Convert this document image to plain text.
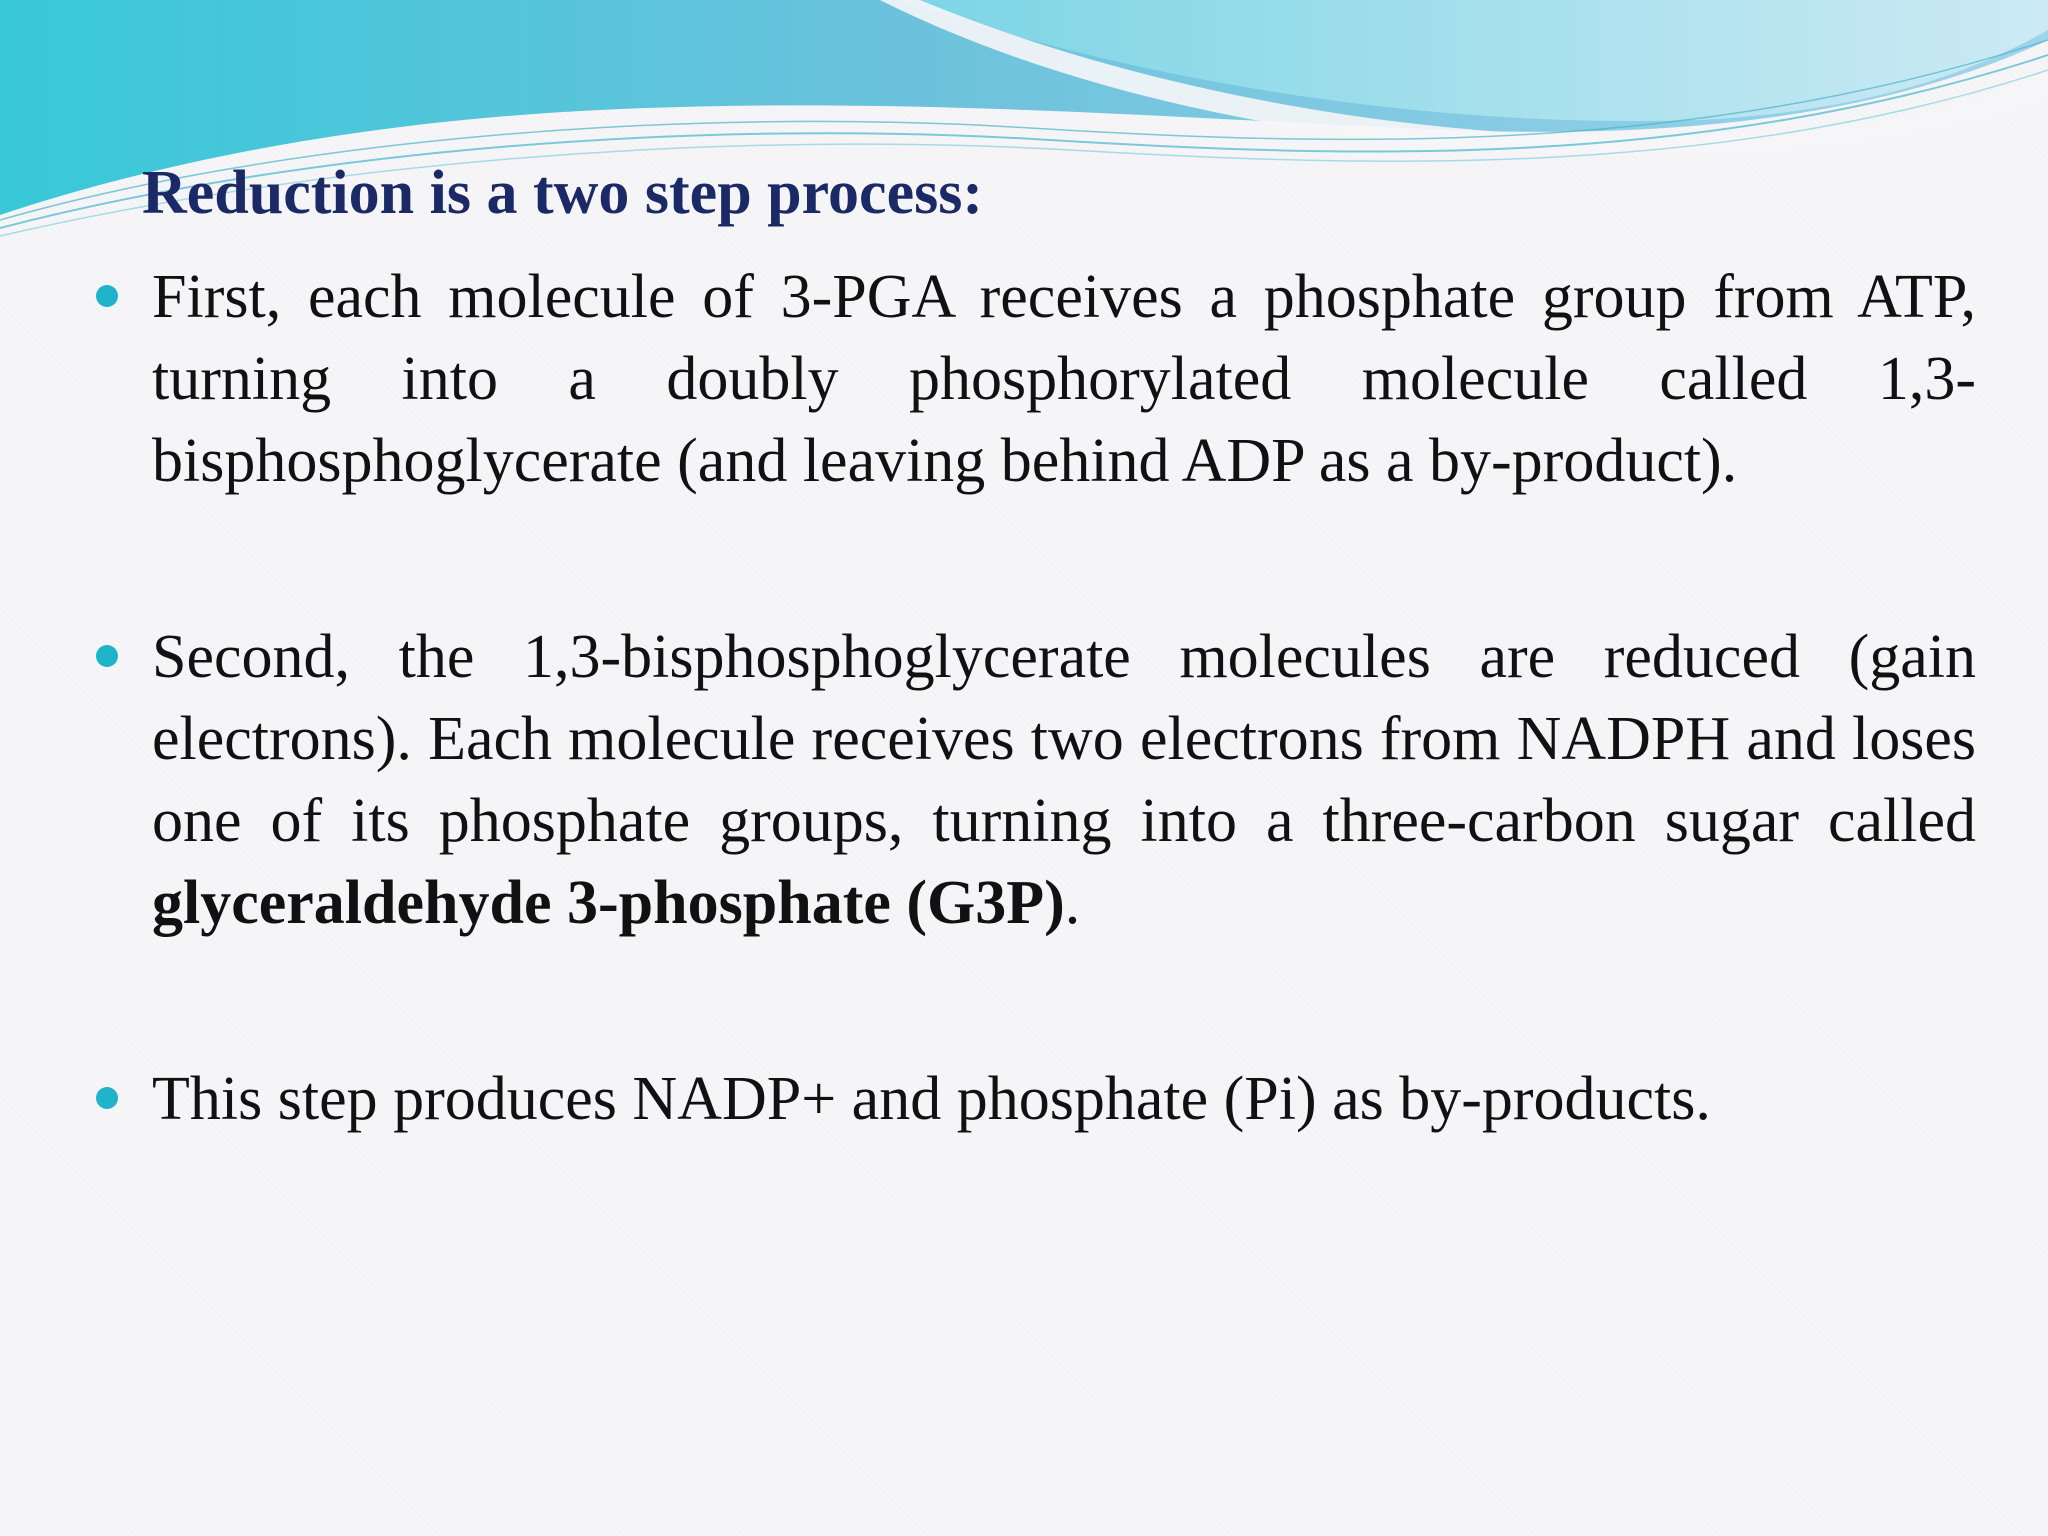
Reduction is a two step process:
First, each molecule of 3-PGA receives a phosphate group from ATP, turning into a doubly phosphorylated molecule called 1,3-bisphosphoglycerate (and leaving behind ADP as a by-product).
Second, the 1,3-bisphosphoglycerate molecules are reduced (gain electrons). Each molecule receives two electrons from NADPH and loses one of its phosphate groups, turning into a three-carbon sugar called glyceraldehyde 3-phosphate (G3P).
This step produces NADP+ and phosphate (Pi) as by-products.
